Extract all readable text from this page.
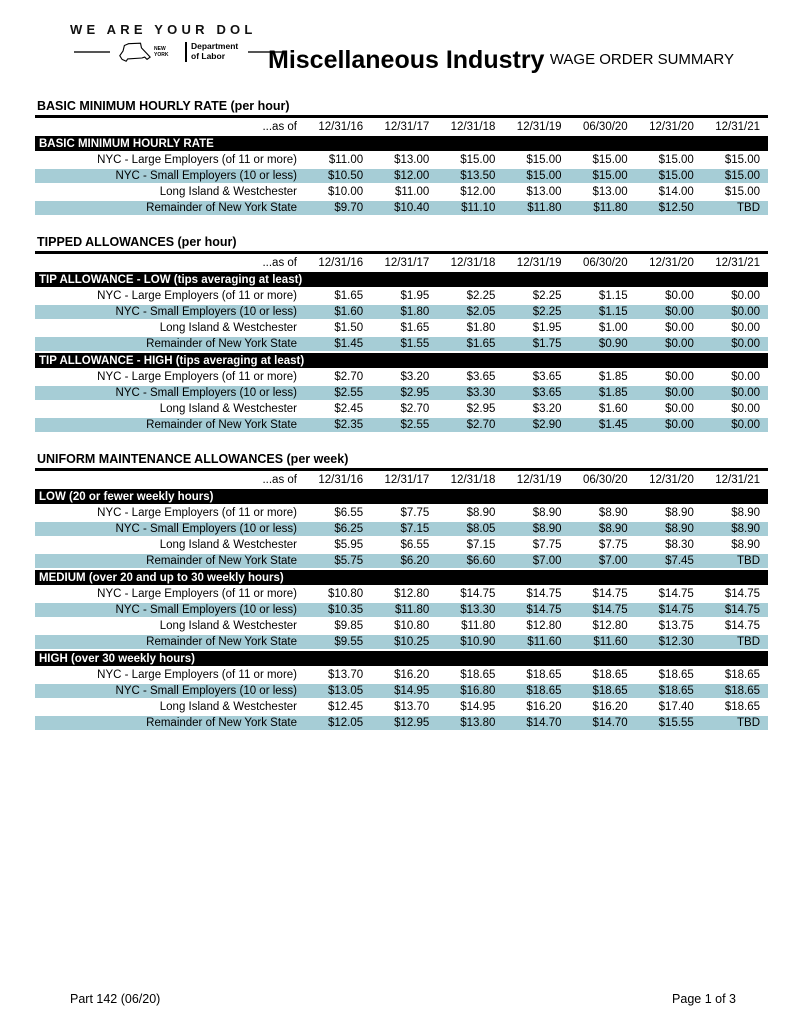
WE ARE YOUR DOL
NEW YORK
Department
of Labor	Miscellaneous Industry WAGE ORDER SUMMARY
BASIC MINIMUM HOURLY RATE (per hour)
...as of	12/31/16	12/31/17	12/31/18	12/31/19	06/30/20	12/31/20	12/31/21
BASIC MINIMUM HOURLY RATE							
NYC - Large Employers (of 11 or more)	$11.00	$13.00	$15.00	$15.00	$15.00	$15.00	$15.00
NYC - Small Employers (10 or less)	$10.50	$12.00	$13.50	$15.00	$15.00	$15.00	$15.00
Long Island & Westchester	$10.00	$11.00	$12.00	$13.00	$13.00	$14.00	$15.00
Remainder of New York State	$9.70	$10.40	$11.10	$11.80	$11.80	$12.50	TBD
TIPPED ALLOWANCES (per hour)
...as of	12/31/16	12/31/17	12/31/18	12/31/19	06/30/20	12/31/20	12/31/21
TIP ALLOWANCE - LOW (tips averaging at least)							
NYC - Large Employers (of 11 or more)	$1.65	$1.95	$2.25	$2.25	$1.15	$0.00	$0.00
NYC - Small Employers (10 or less)	$1.60	$1.80	$2.05	$2.25	$1.15	$0.00	$0.00
Long Island & Westchester	$1.50	$1.65	$1.80	$1.95	$1.00	$0.00	$0.00
Remainder of New York State	$1.45	$1.55	$1.65	$1.75	$0.90	$0.00	$0.00
TIP ALLOWANCE - HIGH (tips averaging at least)							
NYC - Large Employers (of 11 or more)	$2.70	$3.20	$3.65	$3.65	$1.85	$0.00	$0.00
NYC - Small Employers (10 or less)	$2.55	$2.95	$3.30	$3.65	$1.85	$0.00	$0.00
Long Island & Westchester	$2.45	$2.70	$2.95	$3.20	$1.60	$0.00	$0.00
Remainder of New York State	$2.35	$2.55	$2.70	$2.90	$1.45	$0.00	$0.00
UNIFORM MAINTENANCE ALLOWANCES (per week)
...as of	12/31/16	12/31/17	12/31/18	12/31/19	06/30/20	12/31/20	12/31/21
LOW (20 or fewer weekly hours)							
NYC - Large Employers (of 11 or more)	$6.55	$7.75	$8.90	$8.90	$8.90	$8.90	$8.90
NYC - Small Employers (10 or less)	$6.25	$7.15	$8.05	$8.90	$8.90	$8.90	$8.90
Long Island & Westchester	$5.95	$6.55	$7.15	$7.75	$7.75	$8.30	$8.90
Remainder of New York State	$5.75	$6.20	$6.60	$7.00	$7.00	$7.45	TBD
MEDIUM (over 20 and up to 30 weekly hours)							
NYC - Large Employers (of 11 or more)	$10.80	$12.80	$14.75	$14.75	$14.75	$14.75	$14.75
NYC - Small Employers (10 or less)	$10.35	$11.80	$13.30	$14.75	$14.75	$14.75	$14.75
Long Island & Westchester	$9.85	$10.80	$11.80	$12.80	$12.80	$13.75	$14.75
Remainder of New York State	$9.55	$10.25	$10.90	$11.60	$11.60	$12.30	TBD
HIGH (over 30 weekly hours)							
NYC - Large Employers (of 11 or more)	$13.70	$16.20	$18.65	$18.65	$18.65	$18.65	$18.65
NYC - Small Employers (10 or less)	$13.05	$14.95	$16.80	$18.65	$18.65	$18.65	$18.65
Long Island & Westchester	$12.45	$13.70	$14.95	$16.20	$16.20	$17.40	$18.65
Remainder of New York State	$12.05	$12.95	$13.80	$14.70	$14.70	$15.55	TBD
Part 142 (06/20)	Page 1 of 3
